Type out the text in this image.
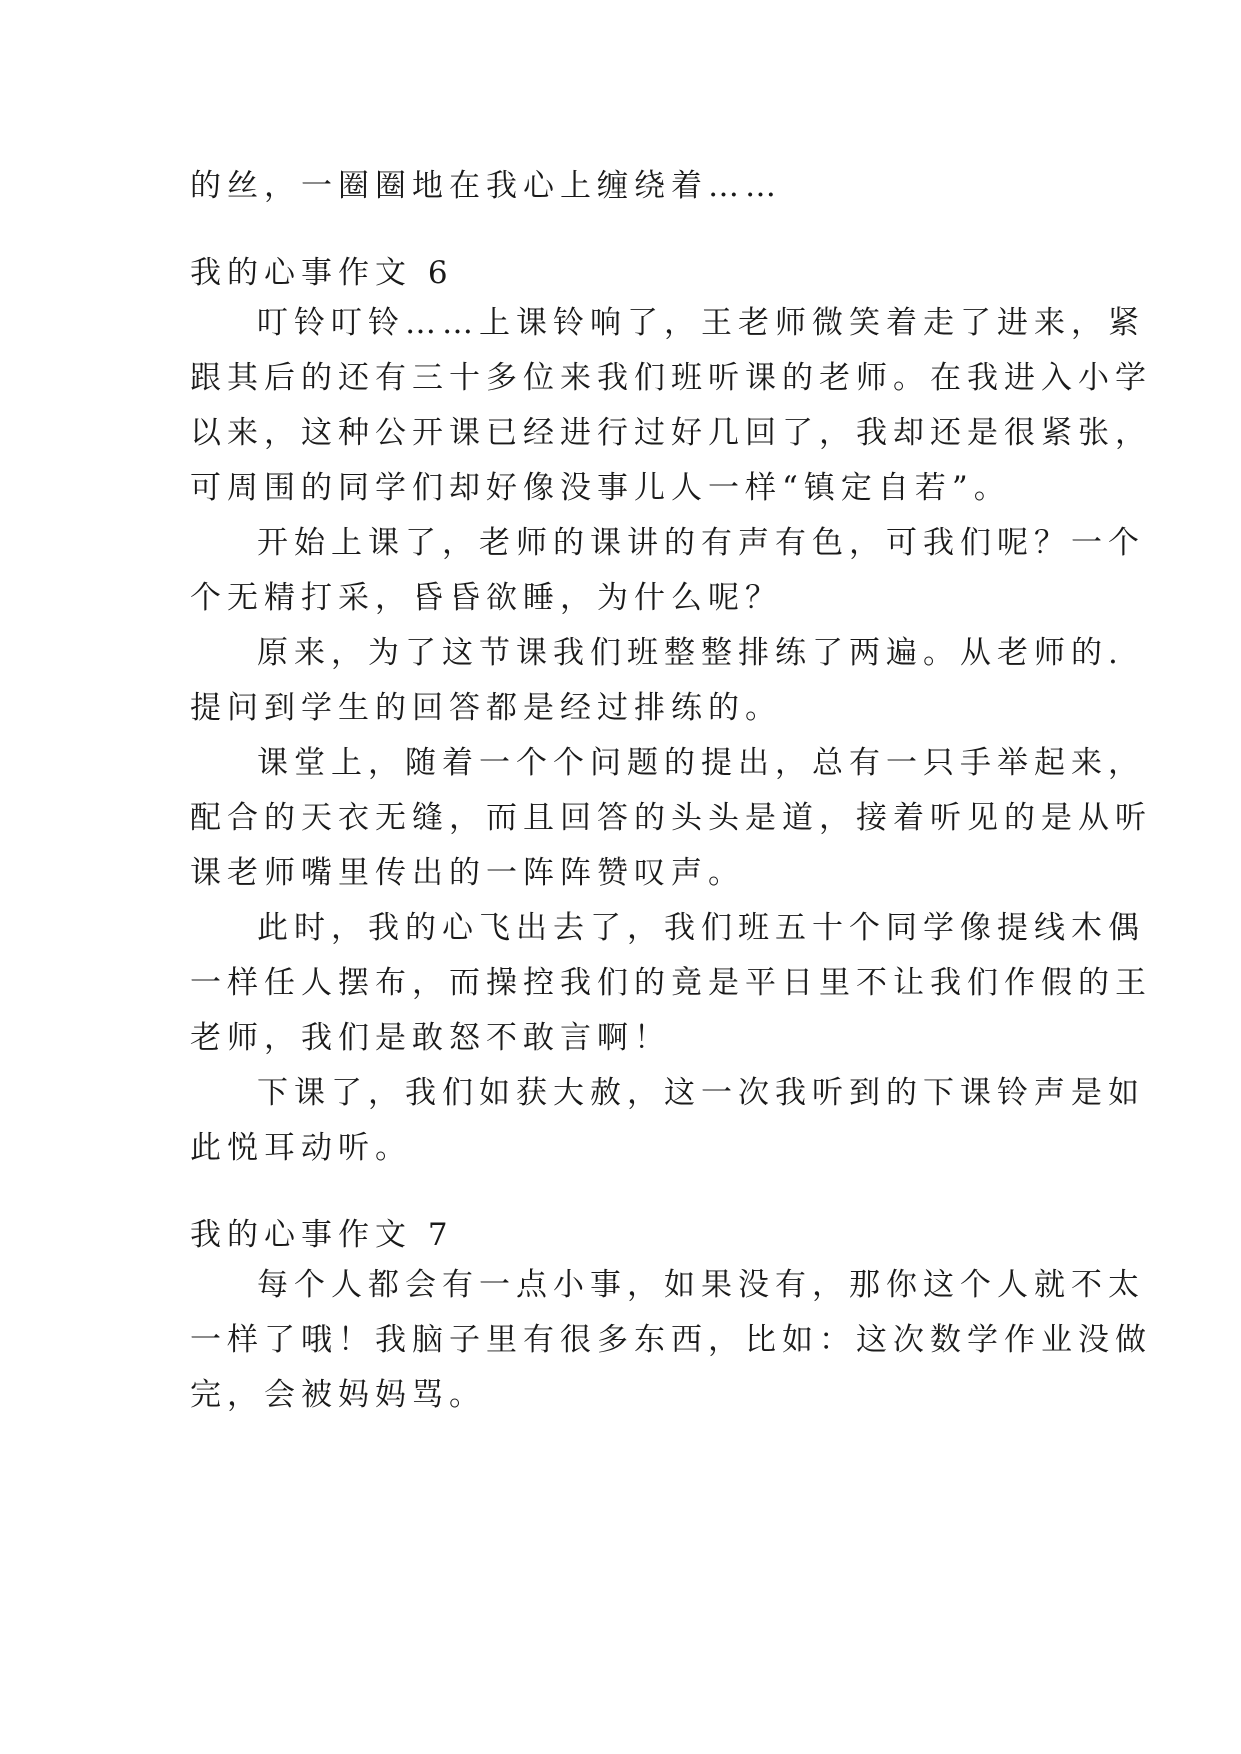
的丝，一圈圈地在我心上缠绕着……
我的心事作文 6
叮铃叮铃……上课铃响了，王老师微笑着走了进来，紧
跟其后的还有三十多位来我们班听课的老师。在我进入小学
以来，这种公开课已经进行过好几回了，我却还是很紧张，
可周围的同学们却好像没事儿人一样“镇定自若”。
开始上课了，老师的课讲的有声有色，可我们呢？一个
个无精打采，昏昏欲睡，为什么呢？
原来，为了这节课我们班整整排练了两遍。从老师的.
提问到学生的回答都是经过排练的。
课堂上，随着一个个问题的提出，总有一只手举起来，
配合的天衣无缝，而且回答的头头是道，接着听见的是从听
课老师嘴里传出的一阵阵赞叹声。
此时，我的心飞出去了，我们班五十个同学像提线木偶
一样任人摆布，而操控我们的竟是平日里不让我们作假的王
老师，我们是敢怒不敢言啊！
下课了，我们如获大赦，这一次我听到的下课铃声是如
此悦耳动听。
我的心事作文 7
每个人都会有一点小事，如果没有，那你这个人就不太
一样了哦！我脑子里有很多东西，比如：这次数学作业没做
完，会被妈妈骂。
